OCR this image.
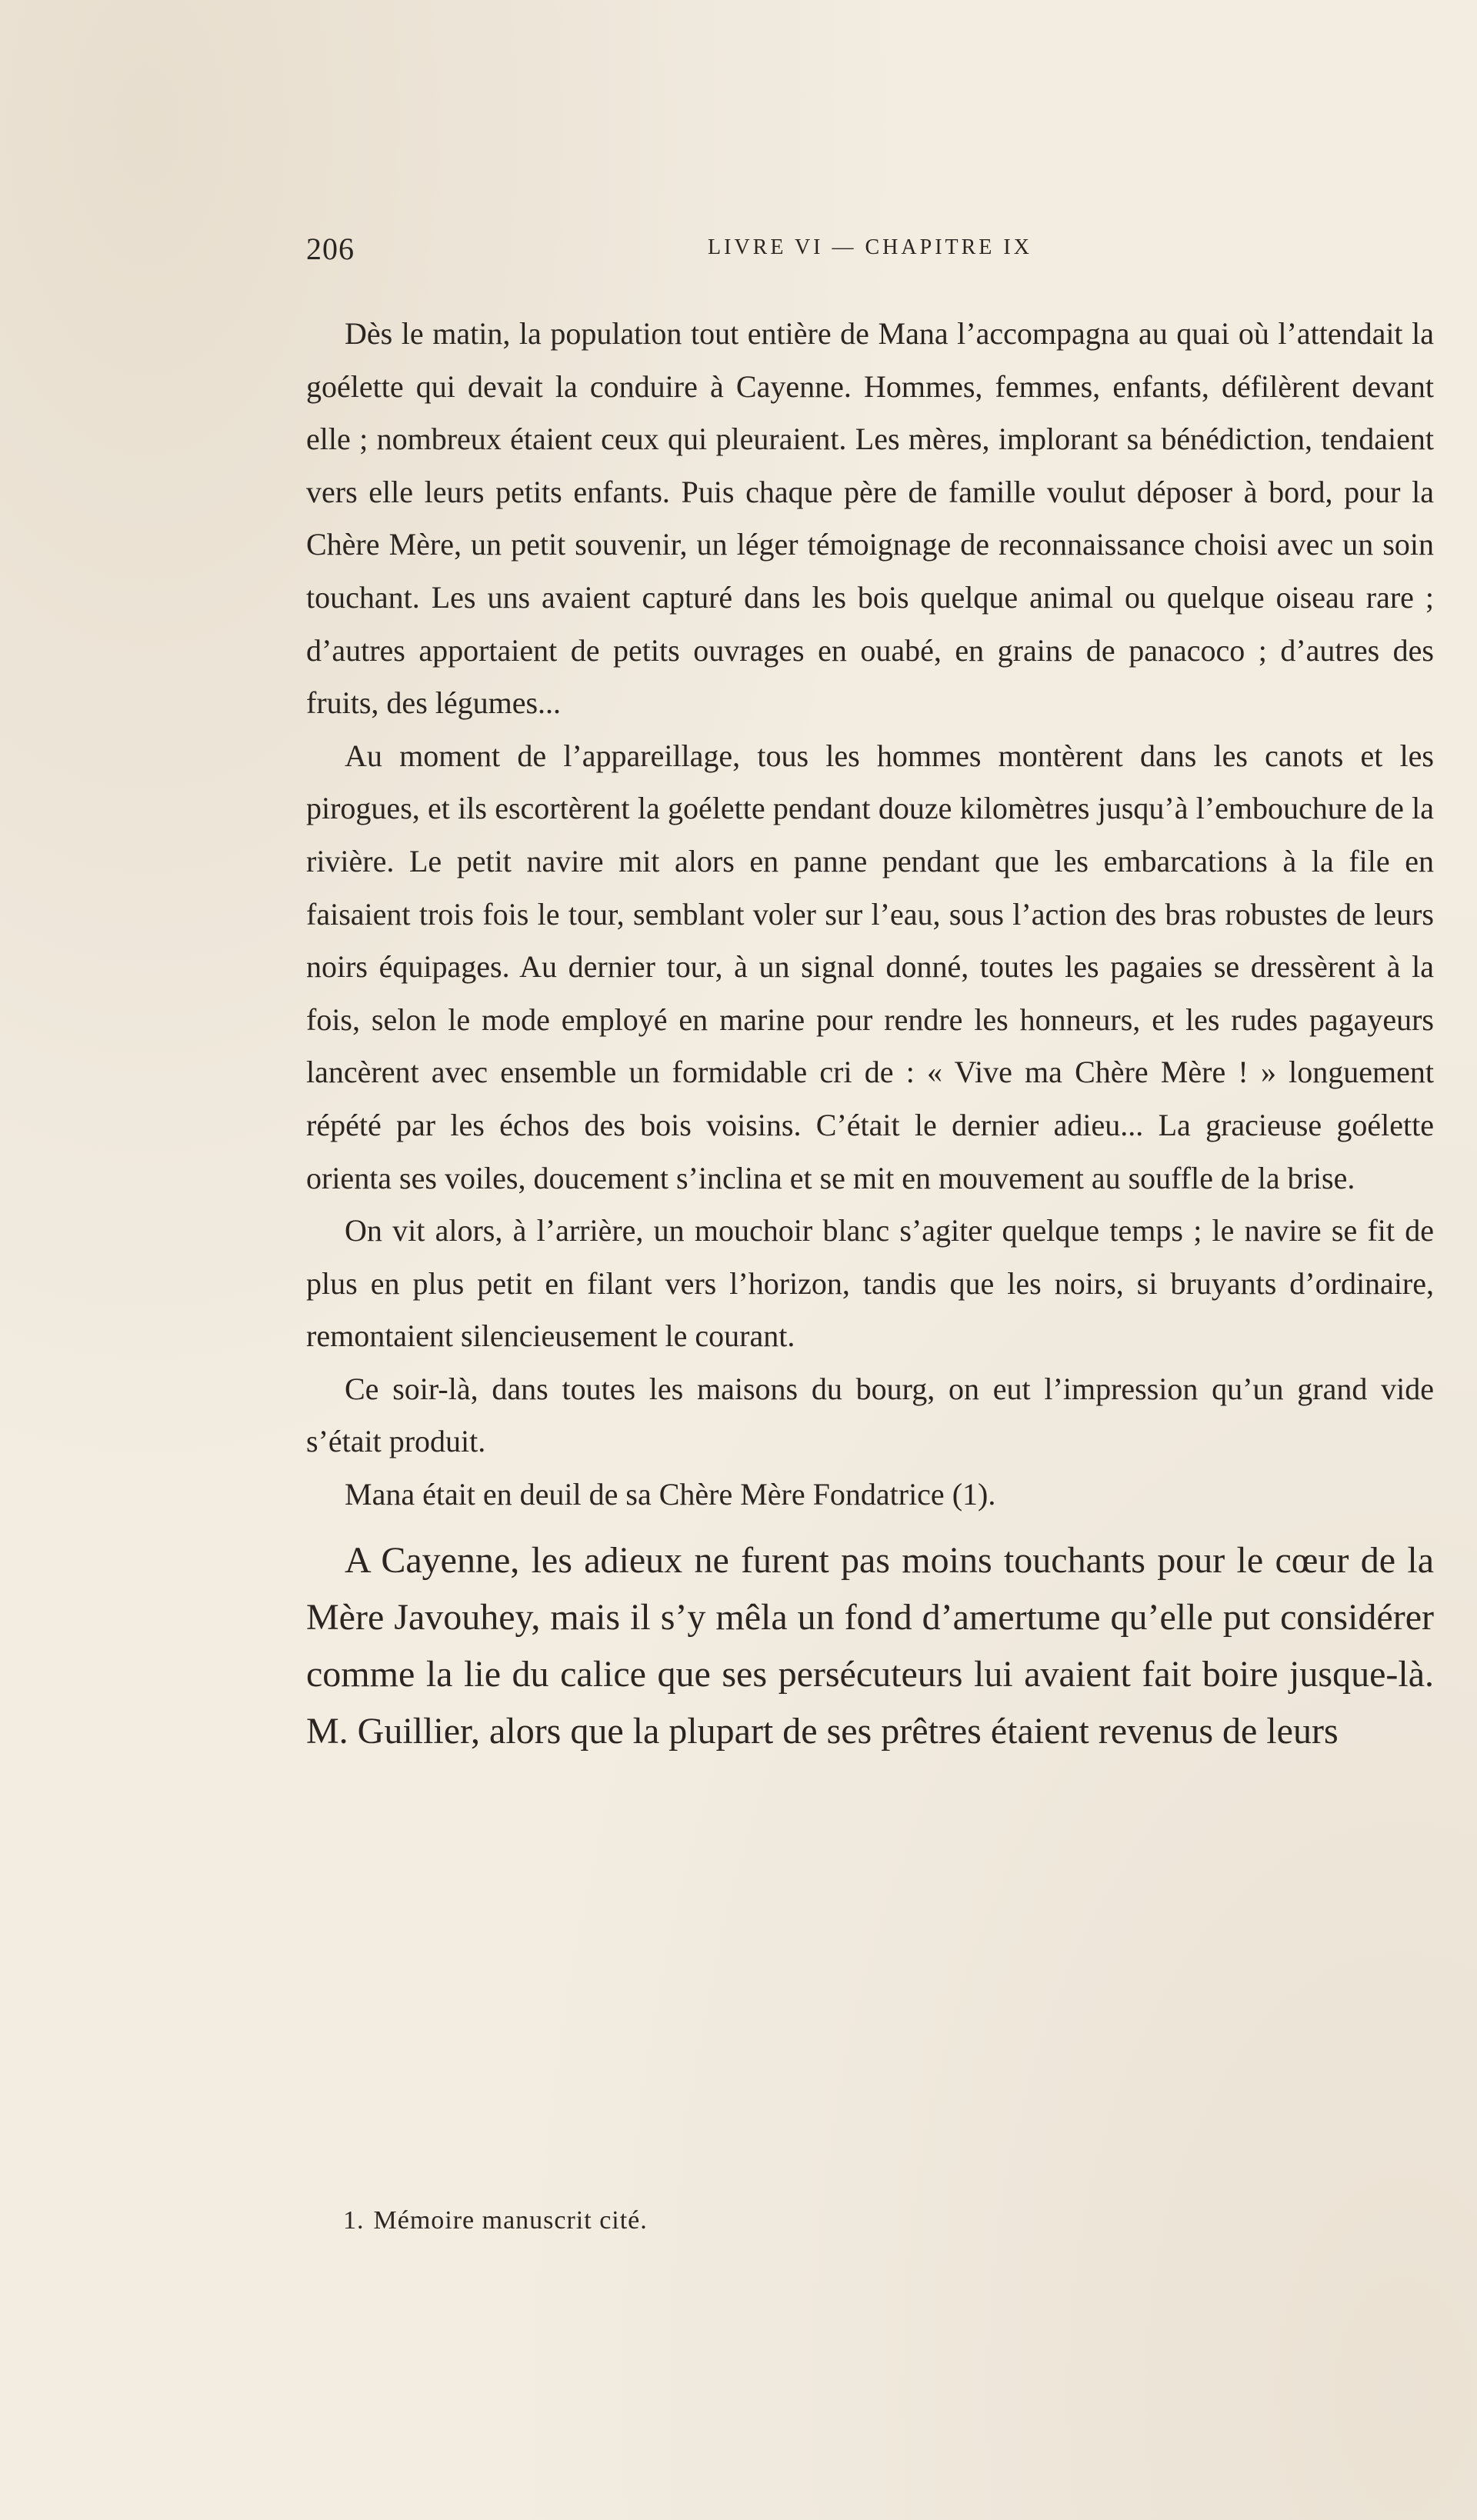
206	LIVRE VI — CHAPITRE IX

Dès le matin, la population tout entière de Mana l’accompagna au quai où l’attendait la goélette qui devait la conduire à Cayenne. Hommes, femmes, enfants, défilèrent devant elle ; nombreux étaient ceux qui pleuraient. Les mères, implorant sa bénédiction, tendaient vers elle leurs petits enfants. Puis chaque père de famille voulut déposer à bord, pour la Chère Mère, un petit souvenir, un léger témoignage de reconnaissance choisi avec un soin touchant. Les uns avaient capturé dans les bois quelque animal ou quelque oiseau rare ; d’autres apportaient de petits ouvrages en ouabé, en grains de panacoco ; d’autres des fruits, des légumes...

Au moment de l’appareillage, tous les hommes montèrent dans les canots et les pirogues, et ils escortèrent la goélette pendant douze kilomètres jusqu’à l’embouchure de la rivière. Le petit navire mit alors en panne pendant que les embarcations à la file en faisaient trois fois le tour, semblant voler sur l’eau, sous l’action des bras robustes de leurs noirs équipages. Au dernier tour, à un signal donné, toutes les pagaies se dressèrent à la fois, selon le mode employé en marine pour rendre les honneurs, et les rudes pagayeurs lancèrent avec ensemble un formidable cri de : « Vive ma Chère Mère ! » longuement répété par les échos des bois voisins. C’était le dernier adieu... La gracieuse goélette orienta ses voiles, doucement s’inclina et se mit en mouvement au souffle de la brise.

On vit alors, à l’arrière, un mouchoir blanc s’agiter quelque temps ; le navire se fit de plus en plus petit en filant vers l’horizon, tandis que les noirs, si bruyants d’ordinaire, remontaient silencieusement le courant.

Ce soir-là, dans toutes les maisons du bourg, on eut l’impression qu’un grand vide s’était produit.

Mana était en deuil de sa Chère Mère Fondatrice (1).

A Cayenne, les adieux ne furent pas moins touchants pour le cœur de la Mère Javouhey, mais il s’y mêla un fond d’amertume qu’elle put considérer comme la lie du calice que ses persécuteurs lui avaient fait boire jusque-là. M. Guillier, alors que la plupart de ses prêtres étaient revenus de leurs

1. Mémoire manuscrit cité.
